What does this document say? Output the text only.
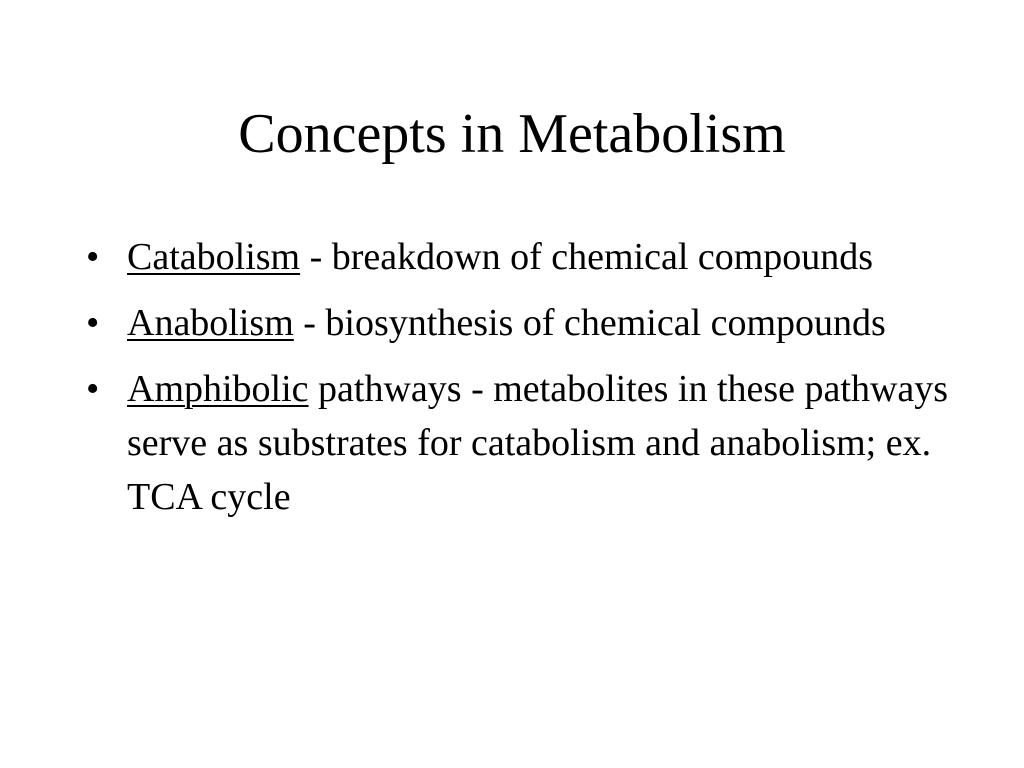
Concepts in Metabolism
• Catabolism - breakdown of chemical compounds
• Anabolism - biosynthesis of chemical compounds
• Amphibolic pathways - metabolites in these pathways serve as substrates for catabolism and anabolism; ex. TCA cycle
